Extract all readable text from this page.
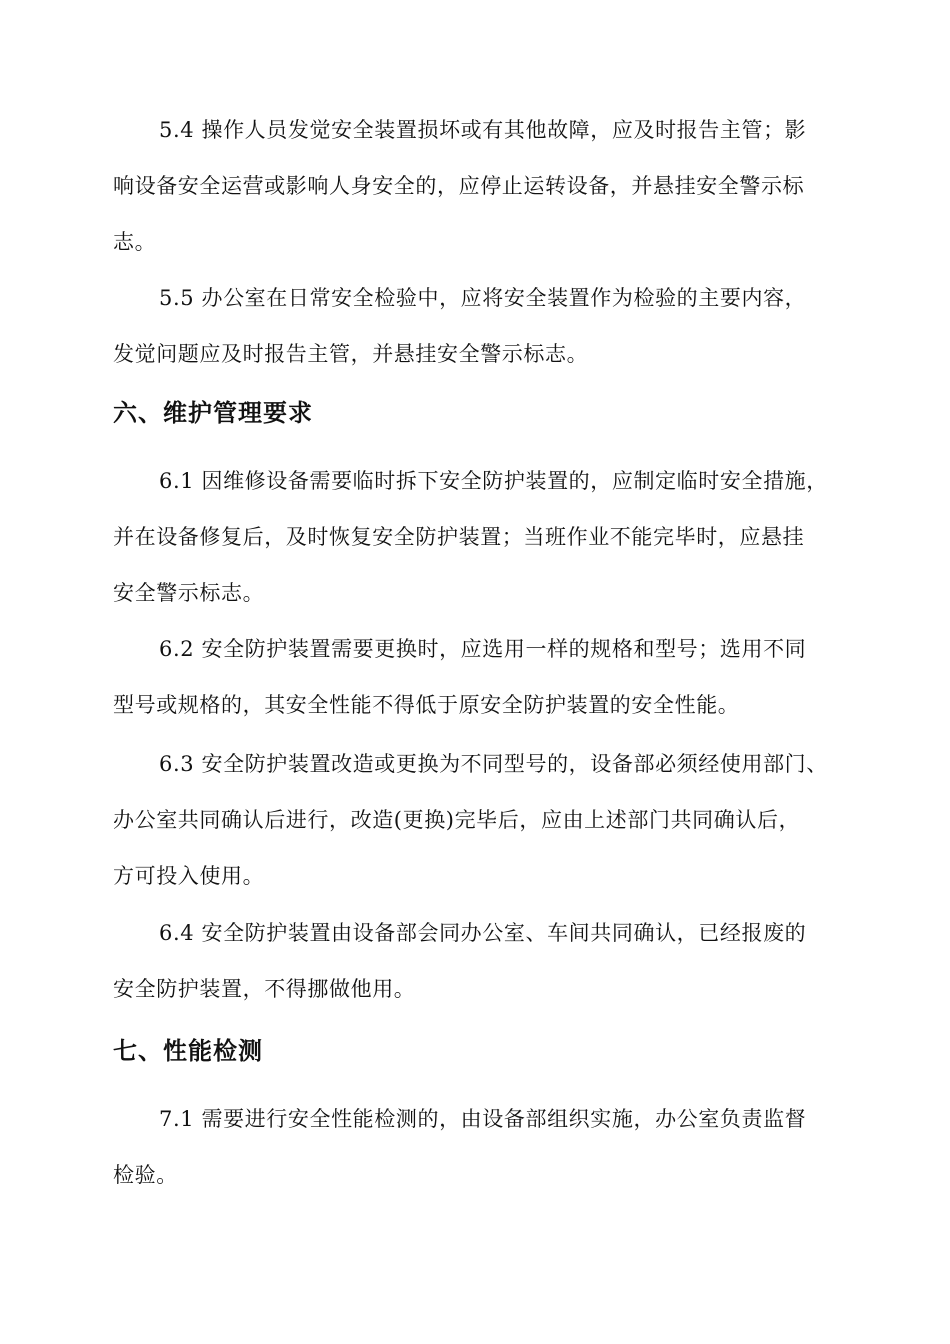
5.4 操作人员发觉安全装置损坏或有其他故障，应及时报告主管；影
响设备安全运营或影响人身安全的，应停止运转设备，并悬挂安全警示标
志。

5.5 办公室在日常安全检验中，应将安全装置作为检验的主要内容，
发觉问题应及时报告主管，并悬挂安全警示标志。

六、维护管理要求

6.1 因维修设备需要临时拆下安全防护装置的，应制定临时安全措施，
并在设备修复后，及时恢复安全防护装置；当班作业不能完毕时，应悬挂
安全警示标志。

6.2 安全防护装置需要更换时，应选用一样的规格和型号；选用不同
型号或规格的，其安全性能不得低于原安全防护装置的安全性能。

6.3 安全防护装置改造或更换为不同型号的，设备部必须经使用部门、
办公室共同确认后进行，改造(更换)完毕后，应由上述部门共同确认后，
方可投入使用。

6.4 安全防护装置由设备部会同办公室、车间共同确认，已经报废的
安全防护装置，不得挪做他用。

七、性能检测

7.1 需要进行安全性能检测的，由设备部组织实施，办公室负责监督
检验。
